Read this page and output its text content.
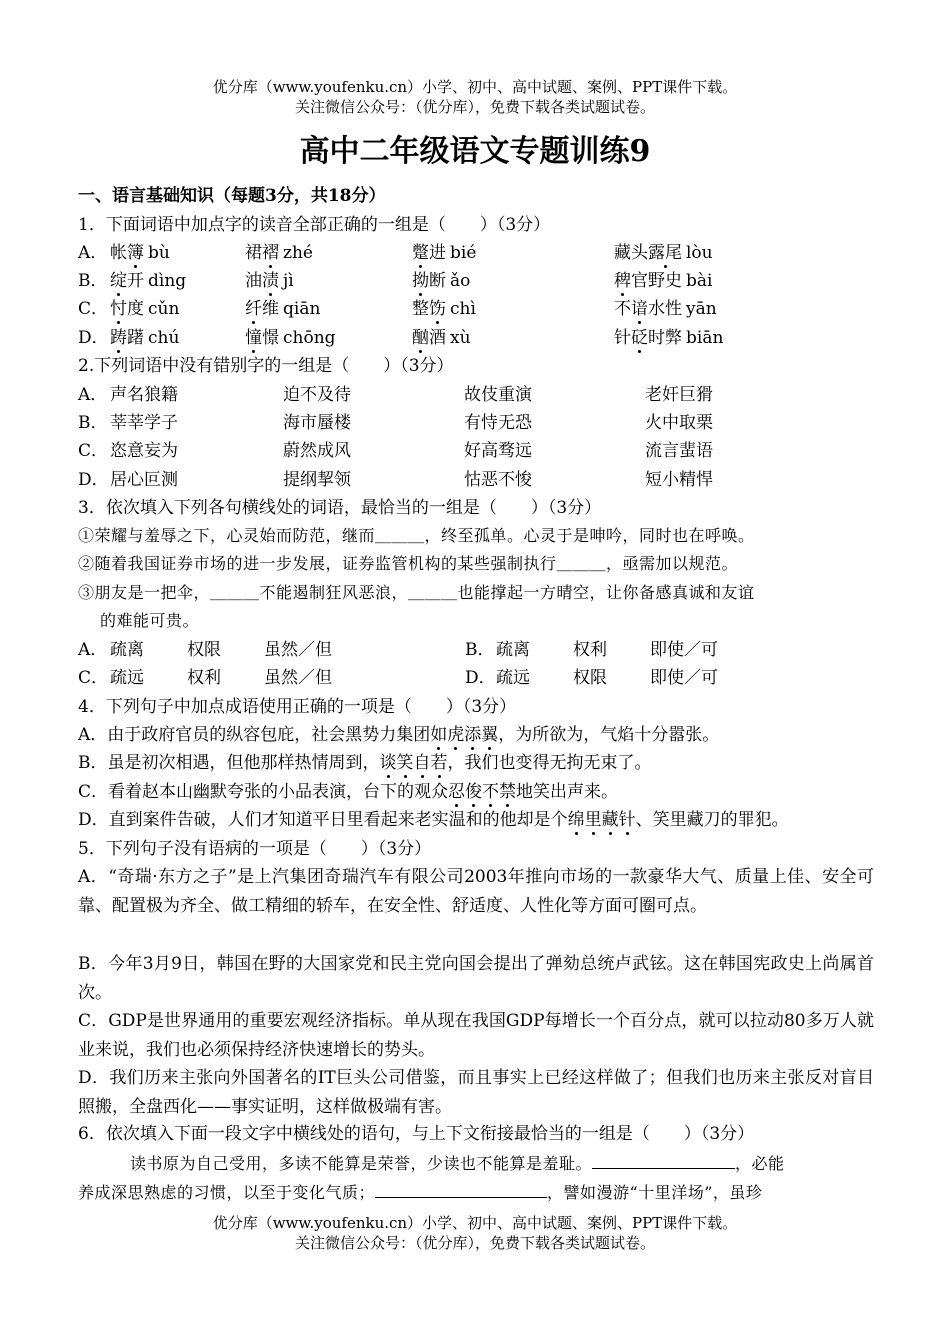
优分库（www.youfenku.cn）小学、初中、高中试题、案例、PPT课件下载。
关注微信公众号：（优分库），免费下载各类试题试卷。
高中二年级语文专题训练9
一、语言基础知识（每题3分，共18分）
1．下面词语中加点字的读音全部正确的一组是（　　）（3分）
A． 帐簿 bù	裙褶 zhé	蹩进 bié	藏头露尾 lòu
B． 绽开 dìng	油渍 jì	拗断 ǎo	稗官野史 bài
C． 忖度 cǔn	纤维 qiān	整饬 chì	不谙水性 yān
D． 踌躇 chú	憧憬 chōng	酗酒 xù	针砭时弊 biān
2.下列词语中没有错别字的一组是（　　）（3分）
A． 声名狼籍	迫不及待	故伎重演	老奸巨猾
B． 莘莘学子	海市蜃楼	有恃无恐	火中取栗
C． 恣意妄为	蔚然成风	好高骛远	流言蜚语
D． 居心叵测	提纲挈领	怙恶不悛	短小精悍
3．依次填入下列各句横线处的词语，最恰当的一组是（　　）（3分）
①荣耀与羞辱之下，心灵始而防范，继而＿＿＿，终至孤单。心灵于是呻吟，同时也在呼唤。
②随着我国证券市场的进一步发展，证券监管机构的某些强制执行＿＿＿，亟需加以规范。
③朋友是一把伞，＿＿＿不能遏制狂风恶浪，＿＿＿也能撑起一方晴空，让你备感真诚和友谊
的难能可贵。
A． 疏离	权限	虽然／但	B． 疏离	权利	即使／可
C． 疏远	权利	虽然／但	D． 疏远	权限	即使／可
4．下列句子中加点成语使用正确的一项是（　　）（3分）
A．由于政府官员的纵容包庇，社会黑势力集团如虎添翼，为所欲为，气焰十分嚣张。
B．虽是初次相遇，但他那样热情周到，谈笑自若，我们也变得无拘无束了。
C．看着赵本山幽默夸张的小品表演，台下的观众忍俊不禁地笑出声来。
D．直到案件告破，人们才知道平日里看起来老实温和的他却是个绵里藏针、笑里藏刀的罪犯。
5．下列句子没有语病的一项是（　　）（3分）
A．“奇瑞·东方之子”是上汽集团奇瑞汽车有限公司2003年推向市场的一款豪华大气、质量上佳、安全可靠、配置极为齐全、做工精细的轿车，在安全性、舒适度、人性化等方面可圈可点。
B．今年3月9日，韩国在野的大国家党和民主党向国会提出了弹劾总统卢武铉。这在韩国宪政史上尚属首次。
C．GDP是世界通用的重要宏观经济指标。单从现在我国GDP每增长一个百分点，就可以拉动80多万人就业来说，我们也必须保持经济快速增长的势头。
D．我们历来主张向外国著名的IT巨头公司借鉴，而且事实上已经这样做了；但我们也历来主张反对盲目照搬，全盘西化——事实证明，这样做极端有害。
6．依次填入下面一段文字中横线处的语句，与上下文衔接最恰当的一组是（　　）（3分）
读书原为自己受用，多读不能算是荣誉，少读也不能算是羞耻。	，必能
养成深思熟虑的习惯，以至于变化气质；	，譬如漫游“十里洋场”，虽珍
优分库（www.youfenku.cn）小学、初中、高中试题、案例、PPT课件下载。
关注微信公众号：（优分库），免费下载各类试题试卷。
